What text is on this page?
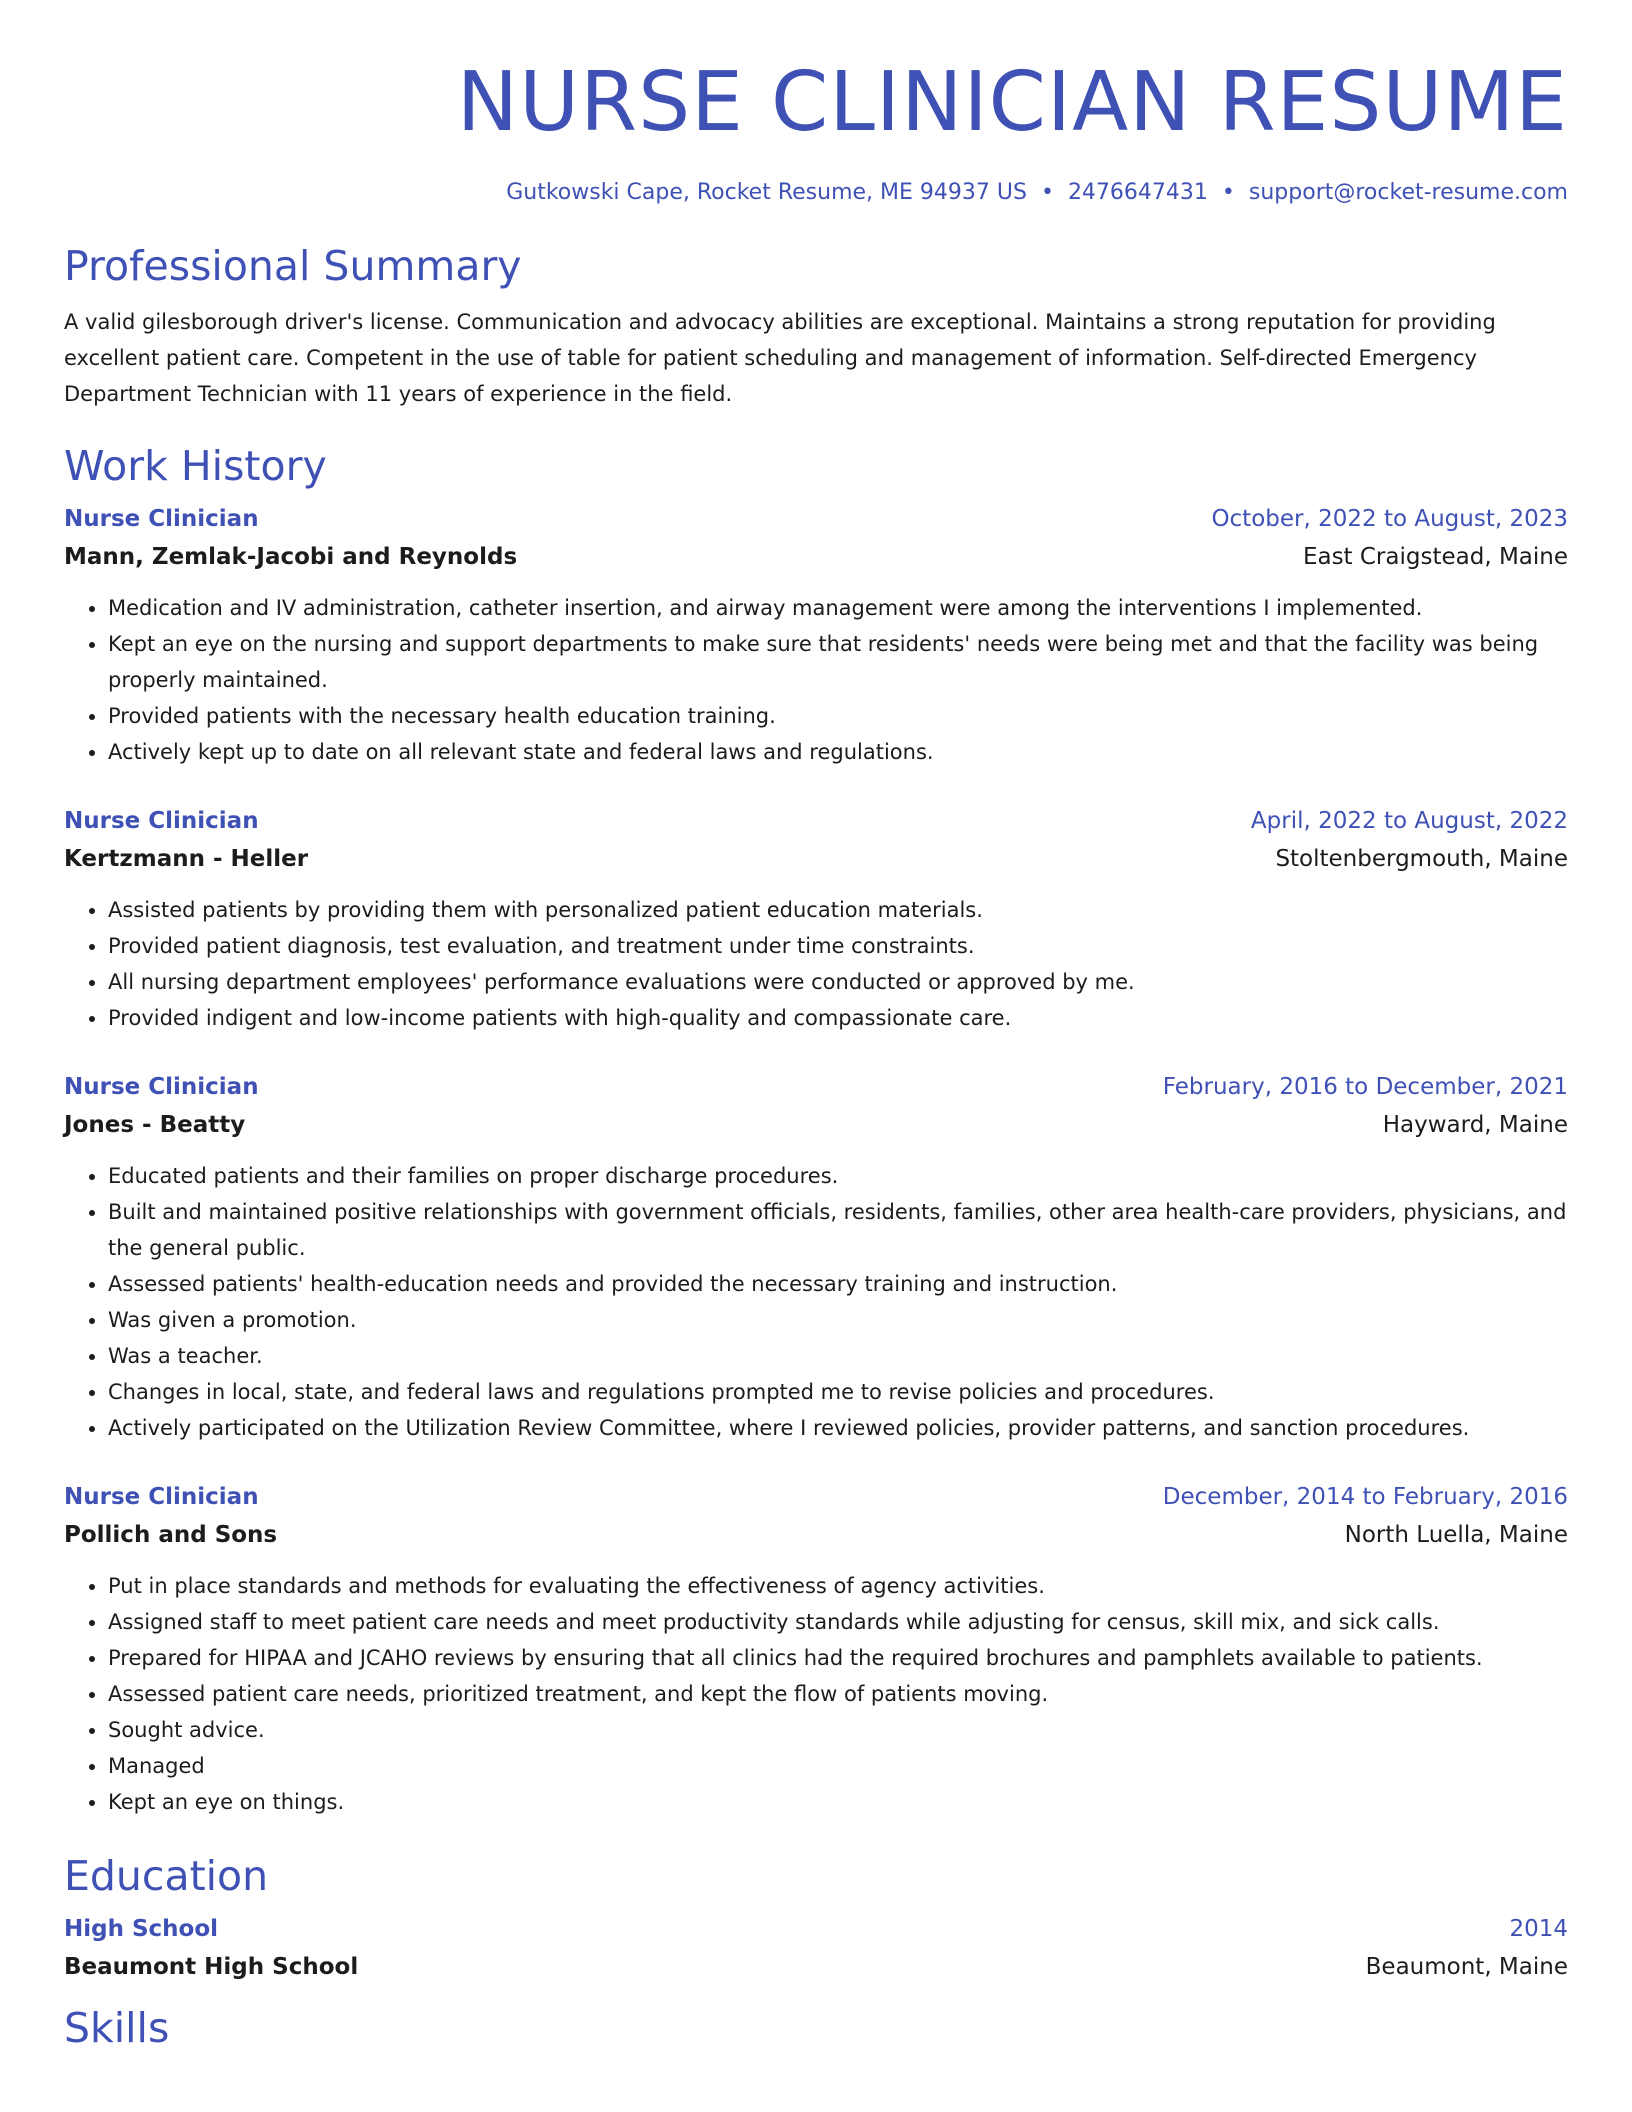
NURSE CLINICIAN RESUME
Gutkowski Cape, Rocket Resume, ME 94937 US • 2476647431 • support@rocket-resume.com
Professional Summary

A valid gilesborough driver's license. Communication and advocacy abilities are exceptional. Maintains a strong reputation for providing excellent patient care. Competent in the use of table for patient scheduling and management of information. Self-directed Emergency Department Technician with 11 years of experience in the field.

Work History
Nurse Clinician	October, 2022 to August, 2023
Mann, Zemlak-Jacobi and Reynolds	East Craigstead, Maine
• Medication and IV administration, catheter insertion, and airway management were among the interventions I implemented.
• Kept an eye on the nursing and support departments to make sure that residents' needs were being met and that the facility was being properly maintained.
• Provided patients with the necessary health education training.
• Actively kept up to date on all relevant state and federal laws and regulations.
Nurse Clinician	April, 2022 to August, 2022
Kertzmann - Heller	Stoltenbergmouth, Maine
• Assisted patients by providing them with personalized patient education materials.
• Provided patient diagnosis, test evaluation, and treatment under time constraints.
• All nursing department employees' performance evaluations were conducted or approved by me.
• Provided indigent and low-income patients with high-quality and compassionate care.
Nurse Clinician	February, 2016 to December, 2021
Jones - Beatty	Hayward, Maine
• Educated patients and their families on proper discharge procedures.
• Built and maintained positive relationships with government officials, residents, families, other area health-care providers, physicians, and the general public.
• Assessed patients' health-education needs and provided the necessary training and instruction.
• Was given a promotion.
• Was a teacher.
• Changes in local, state, and federal laws and regulations prompted me to revise policies and procedures.
• Actively participated on the Utilization Review Committee, where I reviewed policies, provider patterns, and sanction procedures.
Nurse Clinician	December, 2014 to February, 2016
Pollich and Sons	North Luella, Maine
• Put in place standards and methods for evaluating the effectiveness of agency activities.
• Assigned staff to meet patient care needs and meet productivity standards while adjusting for census, skill mix, and sick calls.
• Prepared for HIPAA and JCAHO reviews by ensuring that all clinics had the required brochures and pamphlets available to patients.
• Assessed patient care needs, prioritized treatment, and kept the flow of patients moving.
• Sought advice.
• Managed
• Kept an eye on things.
Education
High School	2014
Beaumont High School	Beaumont, Maine
Skills
